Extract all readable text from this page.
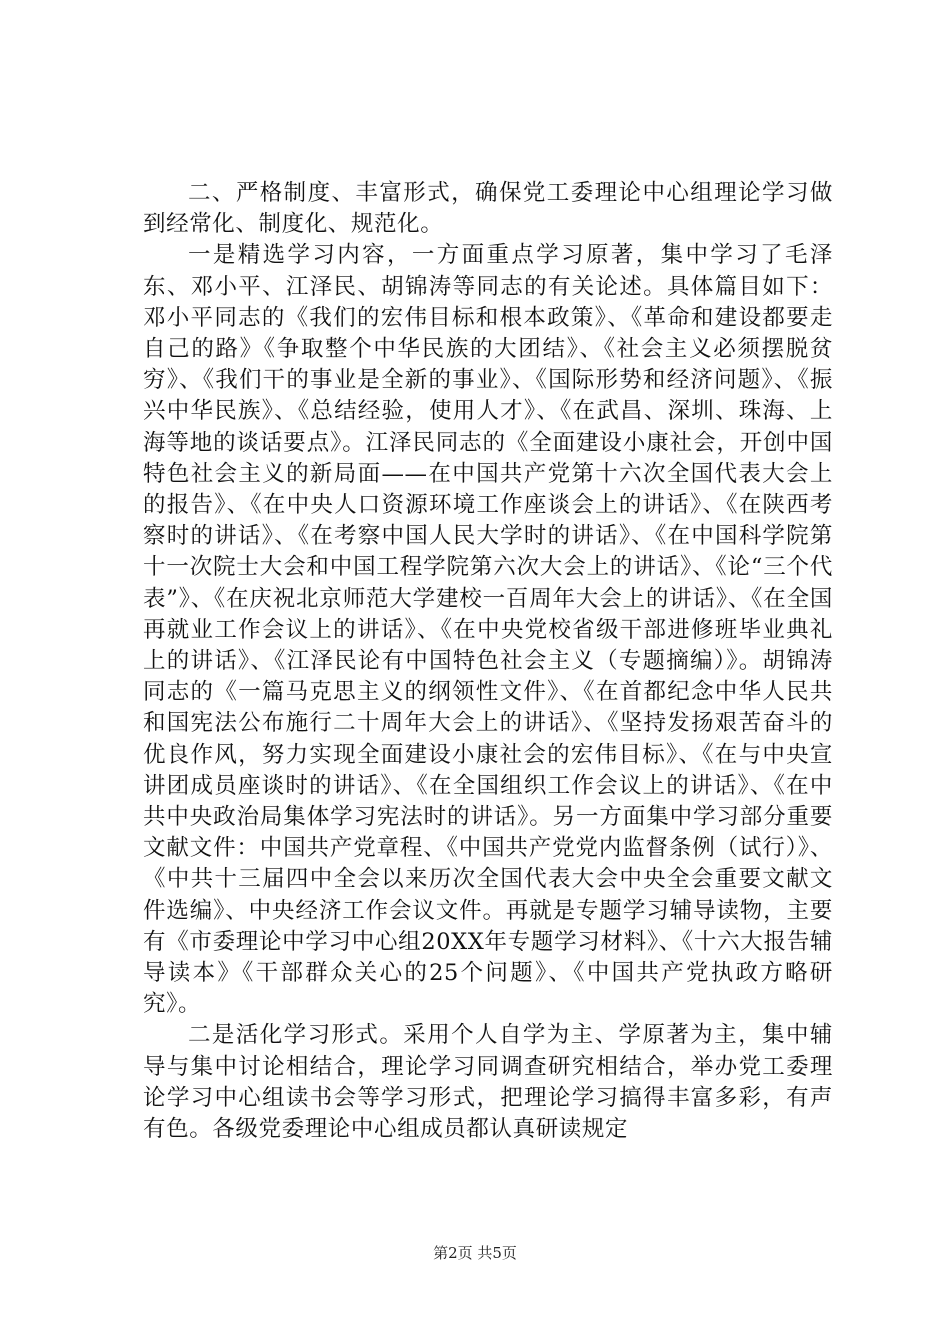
二、严格制度、丰富形式，确保党工委理论中心组理论学习做到经常化、制度化、规范化。

一是精选学习内容，一方面重点学习原著，集中学习了毛泽东、邓小平、江泽民、胡锦涛等同志的有关论述。具体篇目如下：邓小平同志的《我们的宏伟目标和根本政策》、《革命和建设都要走自己的路》《争取整个中华民族的大团结》、《社会主义必须摆脱贫穷》、《我们干的事业是全新的事业》、《国际形势和经济问题》、《振兴中华民族》、《总结经验，使用人才》、《在武昌、深圳、珠海、上海等地的谈话要点》。江泽民同志的《全面建设小康社会，开创中国特色社会主义的新局面——在中国共产党第十六次全国代表大会上的报告》、《在中央人口资源环境工作座谈会上的讲话》、《在陕西考察时的讲话》、《在考察中国人民大学时的讲话》、《在中国科学院第十一次院士大会和中国工程学院第六次大会上的讲话》、《论“三个代表”》、《在庆祝北京师范大学建校一百周年大会上的讲话》、《在全国再就业工作会议上的讲话》、《在中央党校省级干部进修班毕业典礼上的讲话》、《江泽民论有中国特色社会主义（专题摘编）》。胡锦涛同志的《一篇马克思主义的纲领性文件》、《在首都纪念中华人民共和国宪法公布施行二十周年大会上的讲话》、《坚持发扬艰苦奋斗的优良作风，努力实现全面建设小康社会的宏伟目标》、《在与中央宣讲团成员座谈时的讲话》、《在全国组织工作会议上的讲话》、《在中共中央政治局集体学习宪法时的讲话》。另一方面集中学习部分重要文献文件：中国共产党章程、《中国共产党党内监督条例（试行）》、《中共十三届四中全会以来历次全国代表大会中央全会重要文献文件选编》、中央经济工作会议文件。再就是专题学习辅导读物，主要有《市委理论中学习中心组20XX年专题学习材料》、《十六大报告辅导读本》《干部群众关心的25个问题》、《中国共产党执政方略研究》。

二是活化学习形式。采用个人自学为主、学原著为主，集中辅导与集中讨论相结合，理论学习同调查研究相结合，举办党工委理论学习中心组读书会等学习形式，把理论学习搞得丰富多彩，有声有色。各级党委理论中心组成员都认真研读规定

第2页 共5页
